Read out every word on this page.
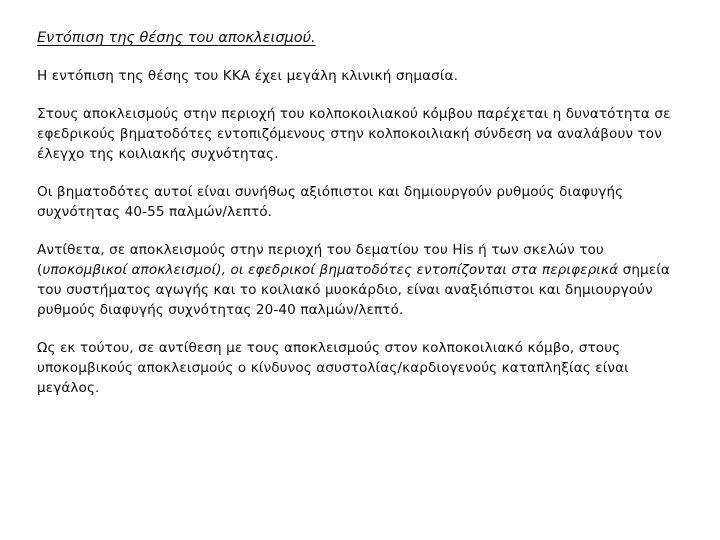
Εντόπιση της θέσης του αποκλεισμού.
Η εντόπιση της θέσης του ΚΚΑ έχει μεγάλη κλινική σημασία.
Στους αποκλεισμούς στην περιοχή του κολποκοιλιακού κόμβου παρέχεται η δυνατότητα σε εφεδρικούς βηματοδότες εντοπιζόμενους στην κολποκοιλιακή σύνδεση να αναλάβουν τον έλεγχο της κοιλιακής συχνότητας.
Οι βηματοδότες αυτοί είναι συνήθως αξιόπιστοι και δημιουργούν ρυθμούς διαφυγής συχνότητας 40-55 παλμών/λεπτό.
Αντίθετα, σε αποκλεισμούς στην περιοχή του δεματίου του His ή των σκελών του (υποκομβικοί αποκλεισμοί), οι εφεδρικοί βηματοδότες εντοπίζονται στα περιφερικά σημεία του συστήματος αγωγής και το κοιλιακό μυοκάρδιο, είναι αναξιόπιστοι και δημιουργούν ρυθμούς διαφυγής συχνότητας 20-40 παλμών/λεπτό.
Ως εκ τούτου, σε αντίθεση με τους αποκλεισμούς στον κολποκοιλιακό κόμβο, στους υποκομβικούς αποκλεισμούς ο κίνδυνος ασυστολίας/καρδιογενούς καταπληξίας είναι μεγάλος.
